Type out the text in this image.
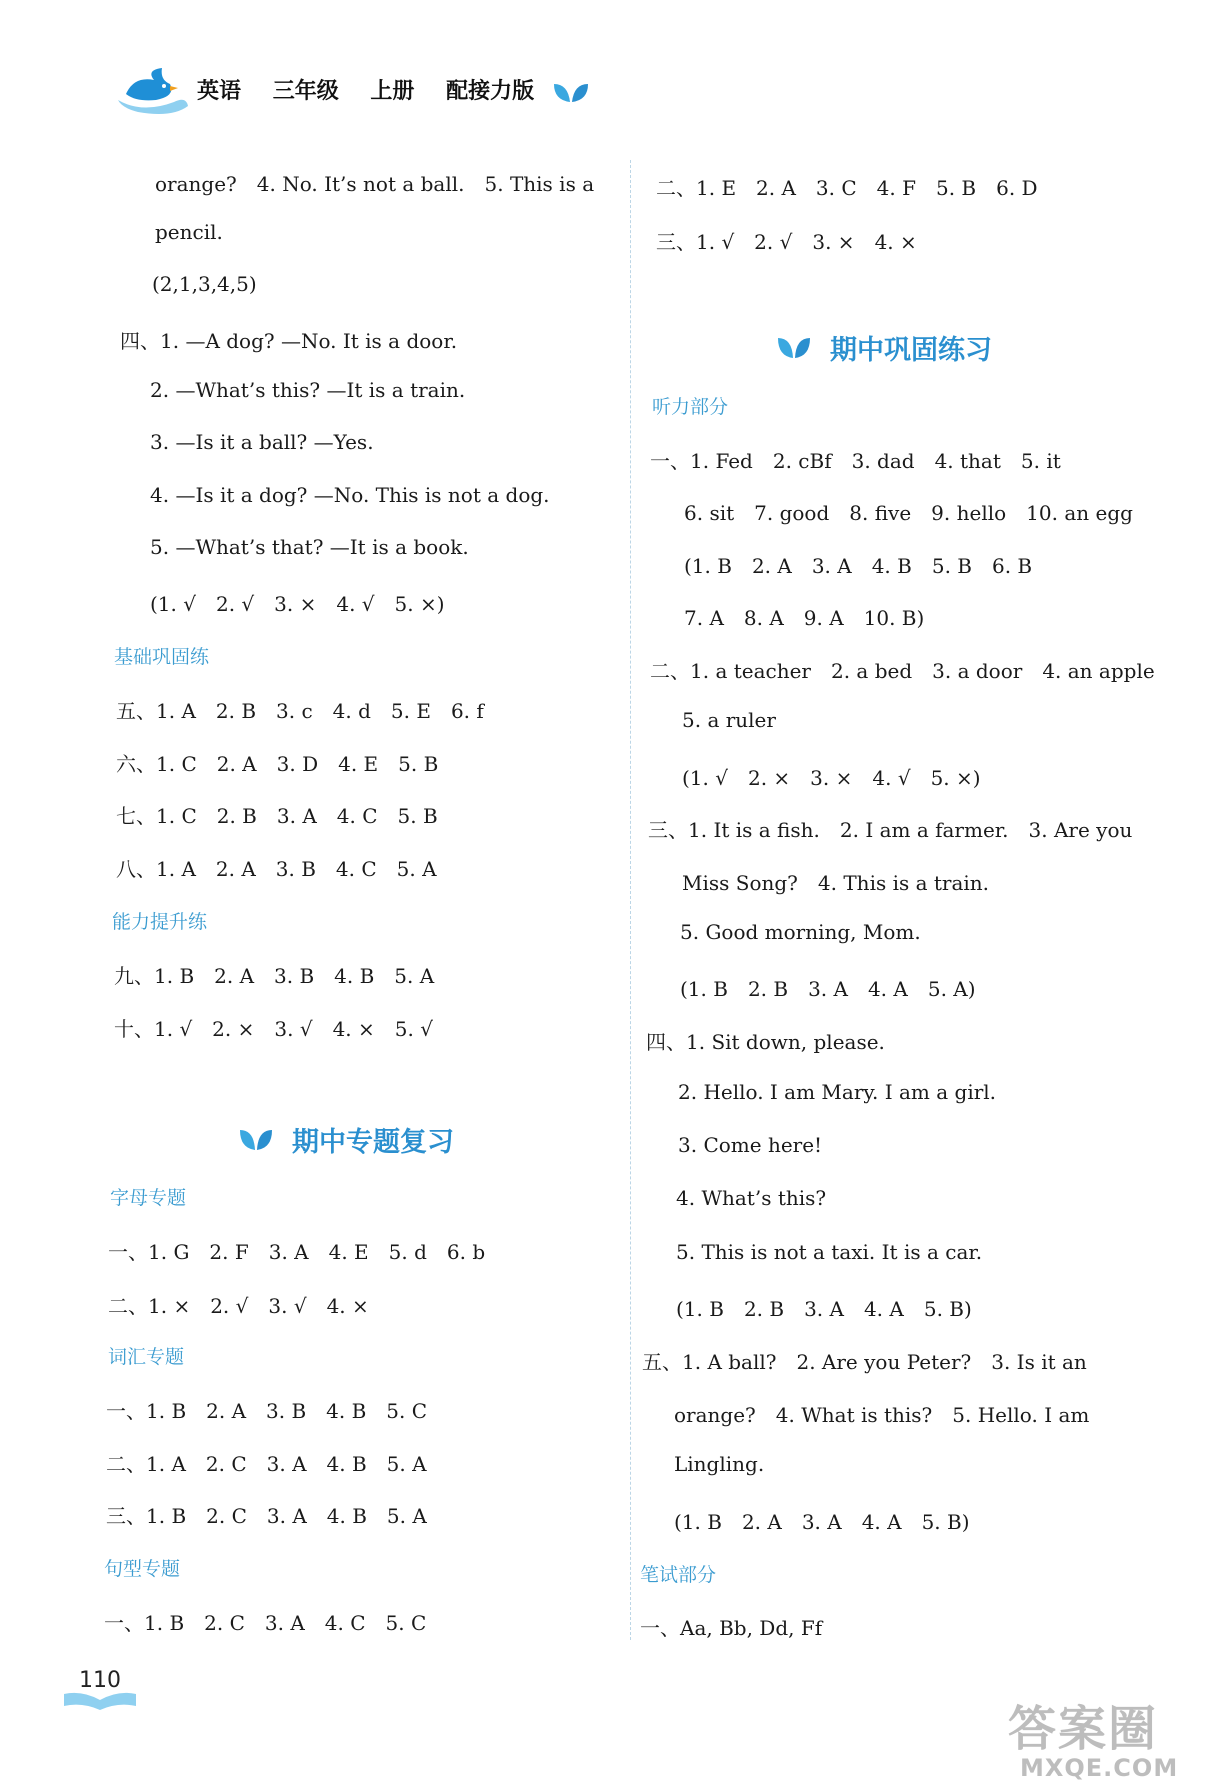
英语 三年级 上册 配接力版
orange?　4. No. It’s not a ball.　5. This is a
pencil.
(2,1,3,4,5)
四、1. —A dog? —No. It is a door.
2. —What’s this? —It is a train.
3. —Is it a ball? —Yes.
4. —Is it a dog? —No. This is not a dog.
5. —What’s that? —It is a book.
(1. √　2. √　3. ×　4. √　5. ×)
基础巩固练
五、1. A　2. B　3. c　4. d　5. E　6. f
六、1. C　2. A　3. D　4. E　5. B
七、1. C　2. B　3. A　4. C　5. B
八、1. A　2. A　3. B　4. C　5. A
能力提升练
九、1. B　2. A　3. B　4. B　5. A
十、1. √　2. ×　3. √　4. ×　5. √
期中专题复习
字母专题
一、1. G　2. F　3. A　4. E　5. d　6. b
二、1. ×　2. √　3. √　4. ×
词汇专题
一、1. B　2. A　3. B　4. B　5. C
二、1. A　2. C　3. A　4. B　5. A
三、1. B　2. C　3. A　4. B　5. A
句型专题
一、1. B　2. C　3. A　4. C　5. C
二、1. E　2. A　3. C　4. F　5. B　6. D
三、1. √　2. √　3. ×　4. ×
期中巩固练习
听力部分
一、1. Fed　2. cBf　3. dad　4. that　5. it
6. sit　7. good　8. five　9. hello　10. an egg
(1. B　2. A　3. A　4. B　5. B　6. B
7. A　8. A　9. A　10. B)
二、1. a teacher　2. a bed　3. a door　4. an apple
5. a ruler
(1. √　2. ×　3. ×　4. √　5. ×)
三、1. It is a fish.　2. I am a farmer.　3. Are you
Miss Song?　4. This is a train.
5. Good morning, Mom.
(1. B　2. B　3. A　4. A　5. A)
四、1. Sit down, please.
2. Hello. I am Mary. I am a girl.
3. Come here!
4. What’s this?
5. This is not a taxi. It is a car.
(1. B　2. B　3. A　4. A　5. B)
五、1. A ball?　2. Are you Peter?　3. Is it an
orange?　4. What is this?　5. Hello. I am
Lingling.
(1. B　2. A　3. A　4. A　5. B)
笔试部分
一、Aa, Bb, Dd, Ff
110
答案圈
MXQE.COM
